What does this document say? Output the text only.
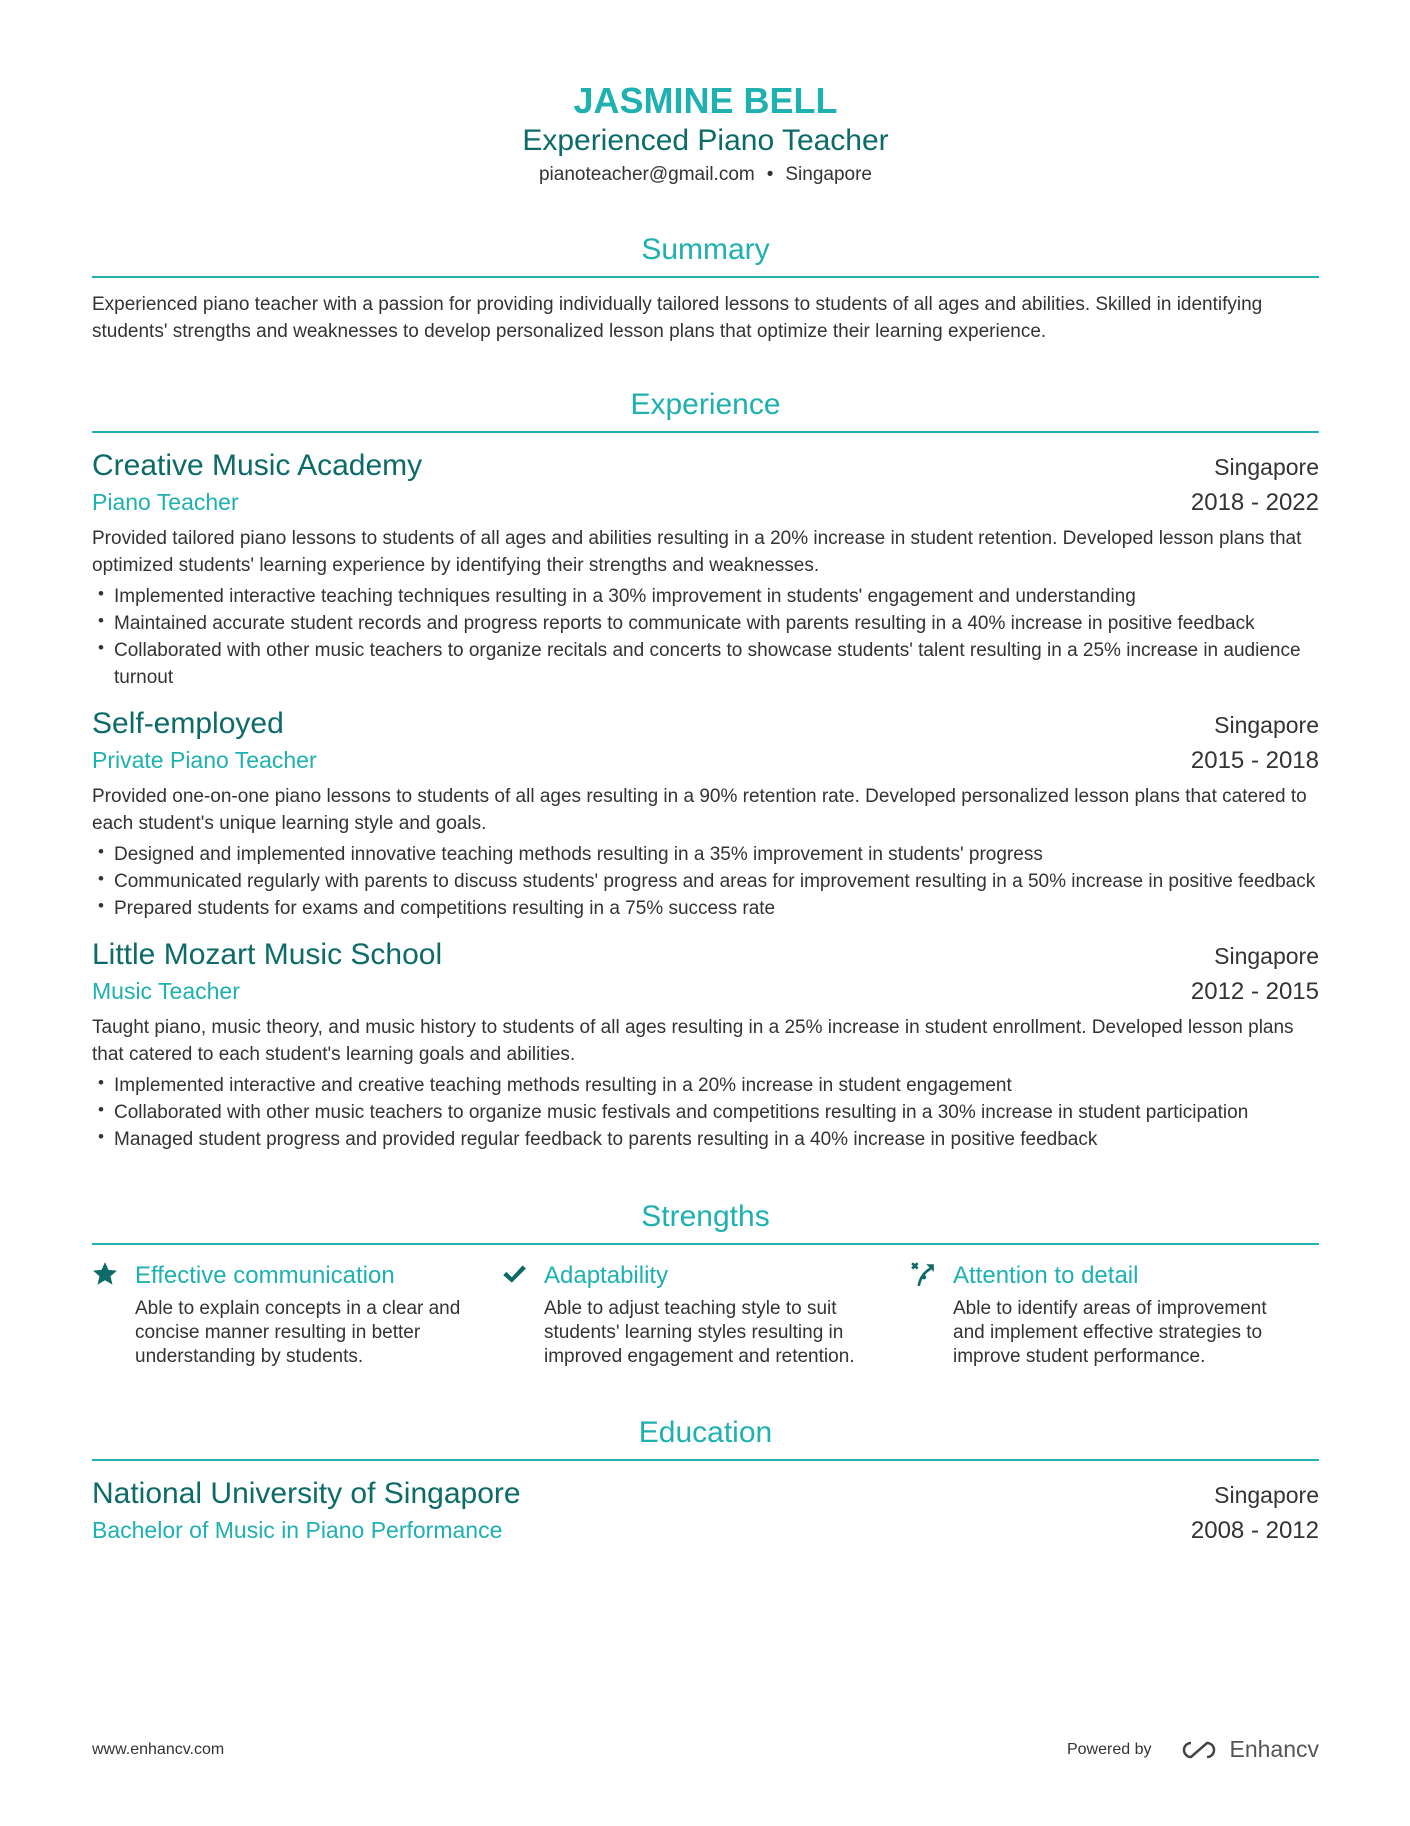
JASMINE BELL
Experienced Piano Teacher
pianoteacher@gmail.com • Singapore
Summary

Experienced piano teacher with a passion for providing individually tailored lessons to students of all ages and abilities. Skilled in identifying students' strengths and weaknesses to develop personalized lesson plans that optimize their learning experience.

Experience
Creative Music Academy	Singapore
Piano Teacher	2018 - 2022

Provided tailored piano lessons to students of all ages and abilities resulting in a 20% increase in student retention. Developed lesson plans that optimized students' learning experience by identifying their strengths and weaknesses.

• Implemented interactive teaching techniques resulting in a 30% improvement in students' engagement and understanding
• Maintained accurate student records and progress reports to communicate with parents resulting in a 40% increase in positive feedback
• Collaborated with other music teachers to organize recitals and concerts to showcase students' talent resulting in a 25% increase in audience turnout
Self-employed	Singapore
Private Piano Teacher	2015 - 2018

Provided one-on-one piano lessons to students of all ages resulting in a 90% retention rate. Developed personalized lesson plans that catered to each student's unique learning style and goals.

• Designed and implemented innovative teaching methods resulting in a 35% improvement in students' progress
• Communicated regularly with parents to discuss students' progress and areas for improvement resulting in a 50% increase in positive feedback
• Prepared students for exams and competitions resulting in a 75% success rate
Little Mozart Music School	Singapore
Music Teacher	2012 - 2015

Taught piano, music theory, and music history to students of all ages resulting in a 25% increase in student enrollment. Developed lesson plans that catered to each student's learning goals and abilities.

• Implemented interactive and creative teaching methods resulting in a 20% increase in student engagement
• Collaborated with other music teachers to organize music festivals and competitions resulting in a 30% increase in student participation
• Managed student progress and provided regular feedback to parents resulting in a 40% increase in positive feedback
Strengths
Effective communication
Able to explain concepts in a clear and concise manner resulting in better understanding by students.
Adaptability
Able to adjust teaching style to suit students' learning styles resulting in improved engagement and retention.
Attention to detail
Able to identify areas of improvement and implement effective strategies to improve student performance.
Education
National University of Singapore	Singapore
Bachelor of Music in Piano Performance	2008 - 2012
www.enhancv.com	Powered by	Enhancv
